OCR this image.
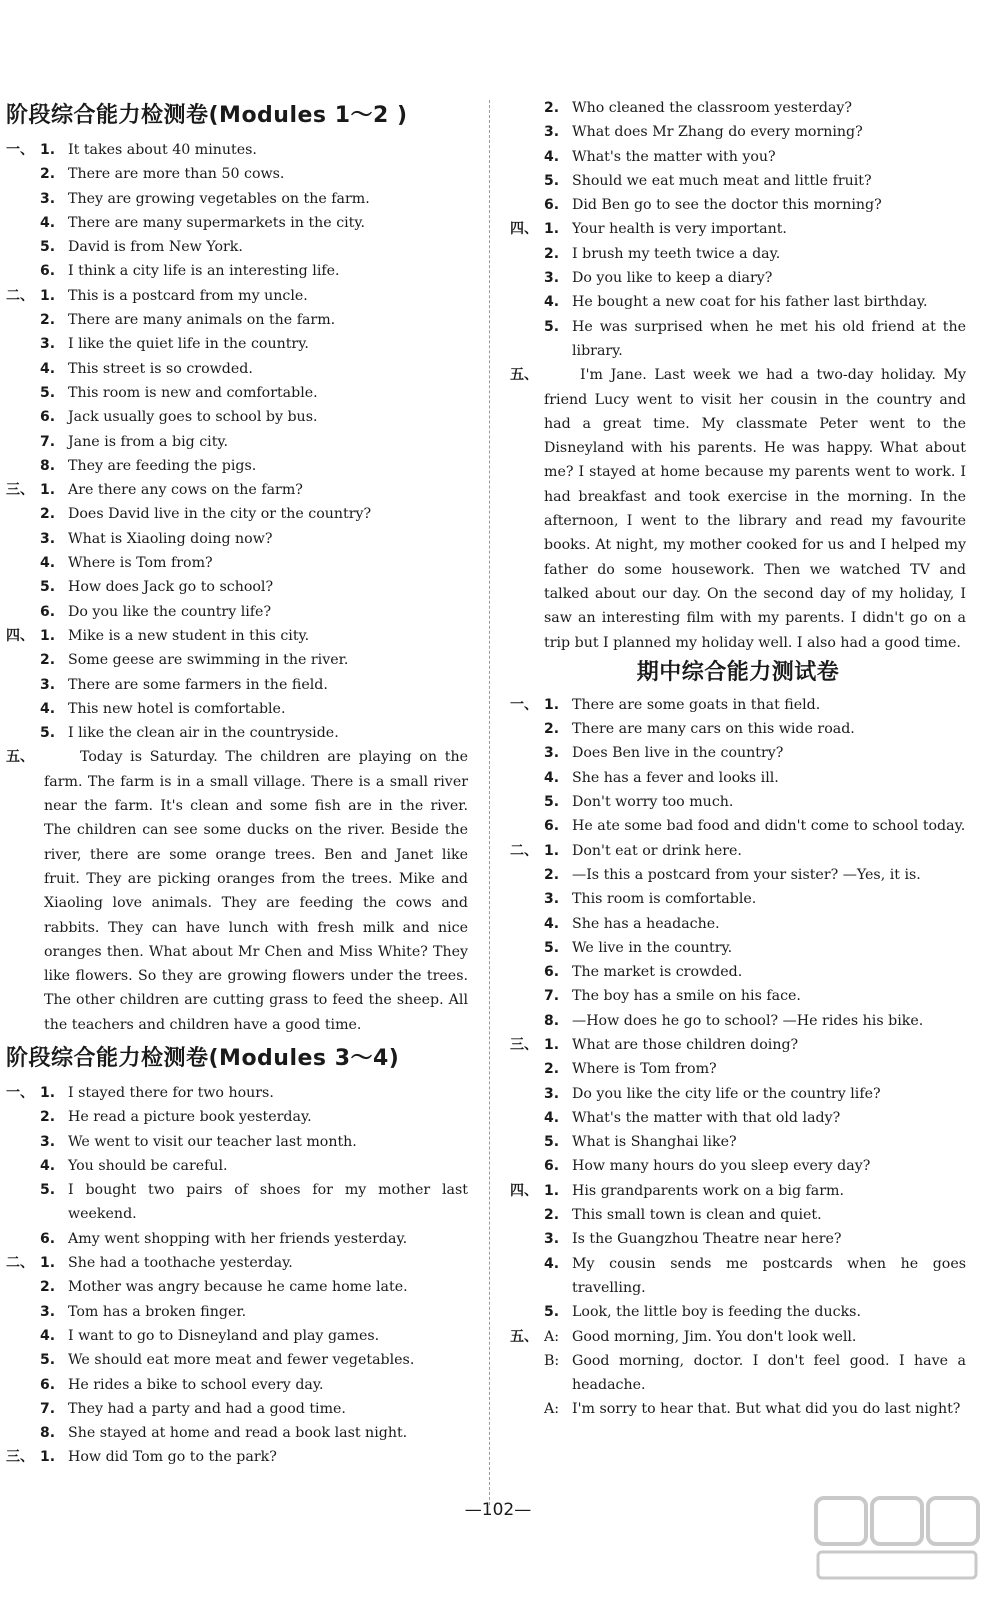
阶段综合能力检测卷(Modules 1～2 )
一、 1. It takes about 40 minutes.
2. There are more than 50 cows.
3. They are growing vegetables on the farm.
4. There are many supermarkets in the city.
5. David is from New York.
6. I think a city life is an interesting life.
二、 1. This is a postcard from my uncle.
2. There are many animals on the farm.
3. I like the quiet life in the country.
4. This street is so crowded.
5. This room is new and comfortable.
6. Jack usually goes to school by bus.
7. Jane is from a big city.
8. They are feeding the pigs.
三、 1. Are there any cows on the farm?
2. Does David live in the city or the country?
3. What is Xiaoling doing now?
4. Where is Tom from?
5. How does Jack go to school?
6. Do you like the country life?
四、 1. Mike is a new student in this city.
2. Some geese are swimming in the river.
3. There are some farmers in the field.
4. This new hotel is comfortable.
5. I like the clean air in the countryside.
五、	Today is Saturday. The children are playing on the farm. The farm is in a small village. There is a small river near the farm. It's clean and some fish are in the river. The children can see some ducks on the river. Beside the river, there are some orange trees. Ben and Janet like fruit. They are picking oranges from the trees. Mike and Xiaoling love animals. They are feeding the cows and rabbits. They can have lunch with fresh milk and nice oranges then. What about Mr Chen and Miss White? They like flowers. So they are growing flowers under the trees. The other children are cutting grass to feed the sheep. All the teachers and children have a good time.
阶段综合能力检测卷(Modules 3～4)
一、 1. I stayed there for two hours.
2. He read a picture book yesterday.
3. We went to visit our teacher last month.
4. You should be careful.
5. I bought two pairs of shoes for my mother last weekend.
6. Amy went shopping with her friends yesterday.
二、 1. She had a toothache yesterday.
2. Mother was angry because he came home late.
3. Tom has a broken finger.
4. I want to go to Disneyland and play games.
5. We should eat more meat and fewer vegetables.
6. He rides a bike to school every day.
7. They had a party and had a good time.
8. She stayed at home and read a book last night.
三、 1. How did Tom go to the park?
2. Who cleaned the classroom yesterday?
3. What does Mr Zhang do every morning?
4. What's the matter with you?
5. Should we eat much meat and little fruit?
6. Did Ben go to see the doctor this morning?
四、 1. Your health is very important.
2. I brush my teeth twice a day.
3. Do you like to keep a diary?
4. He bought a new coat for his father last birthday.
5. He was surprised when he met his old friend at the library.
五、	I'm Jane. Last week we had a two-day holiday. My friend Lucy went to visit her cousin in the country and had a great time. My classmate Peter went to the Disneyland with his parents. He was happy. What about me? I stayed at home because my parents went to work. I had breakfast and took exercise in the morning. In the afternoon, I went to the library and read my favourite books. At night, my mother cooked for us and I helped my father do some housework. Then we watched TV and talked about our day. On the second day of my holiday, I saw an interesting film with my parents. I didn't go on a trip but I planned my holiday well. I also had a good time.
期中综合能力测试卷
一、 1. There are some goats in that field.
2. There are many cars on this wide road.
3. Does Ben live in the country?
4. She has a fever and looks ill.
5. Don't worry too much.
6. He ate some bad food and didn't come to school today.
二、 1. Don't eat or drink here.
2. —Is this a postcard from your sister? —Yes, it is.
3. This room is comfortable.
4. She has a headache.
5. We live in the country.
6. The market is crowded.
7. The boy has a smile on his face.
8. —How does he go to school? —He rides his bike.
三、 1. What are those children doing?
2. Where is Tom from?
3. Do you like the city life or the country life?
4. What's the matter with that old lady?
5. What is Shanghai like?
6. How many hours do you sleep every day?
四、 1. His grandparents work on a big farm.
2. This small town is clean and quiet.
3. Is the Guangzhou Theatre near here?
4. My cousin sends me postcards when he goes travelling.
5. Look, the little boy is feeding the ducks.
五、 A: Good morning, Jim. You don't look well.
B: Good morning, doctor. I don't feel good. I have a headache.
A: I'm sorry to hear that. But what did you do last night?
—102—
